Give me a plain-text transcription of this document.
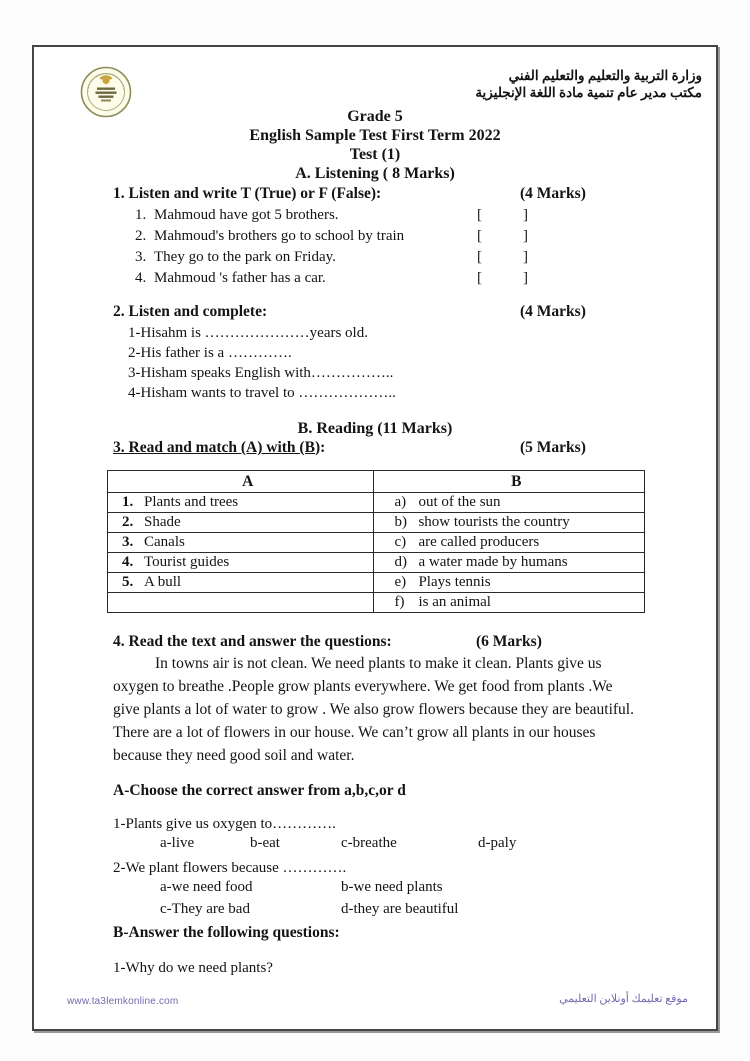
وزارة التربية والتعليم والتعليم الفني
مكتب مدير عام تنمية مادة اللغة الإنجليزية
Grade 5
English Sample Test First Term 2022
Test (1)
A. Listening ( 8 Marks)
1. Listen and write T (True) or F (False):	(4 Marks)
1. Mahmoud have got 5 brothers.	[	]
2. Mahmoud's brothers go to school by train	[	]
3. They go to the park on Friday.	[	]
4. Mahmoud 's father has a car.	[	]
2. Listen and complete:	(4 Marks)
1-Hisahm is …………………years old.
2-His father is a ………….
3-Hisham speaks English with……………..
4-Hisham wants to travel to ………………..
B. Reading (11 Marks)
3. Read and match (A) with (B):	(5 Marks)
A	B
1. Plants and trees	a) out of the sun
2. Shade	b) show tourists the country
3. Canals	c) are called producers
4. Tourist guides	d) a water made by humans
5. A bull	e) Plays tennis
	f) is an animal
4. Read the text and answer the questions:	(6 Marks)
In towns air is not clean. We need plants to make it clean. Plants give us oxygen to breathe .People grow plants everywhere. We get food from plants .We give plants a lot of water to grow . We also grow flowers because they are beautiful. There are a lot of flowers in our house. We can’t grow all plants in our houses because they need good soil and water.
A-Choose the correct answer from a,b,c,or d
1-Plants give us oxygen to………….
a-live	b-eat	c-breathe	d-paly
2-We plant flowers because ………….
a-we need food	b-we need plants
c-They are bad	d-they are beautiful
B-Answer the following questions:
1-Why do we need plants?
www.ta3lemkonline.com	موقع تعليمك أونلاين التعليمي
